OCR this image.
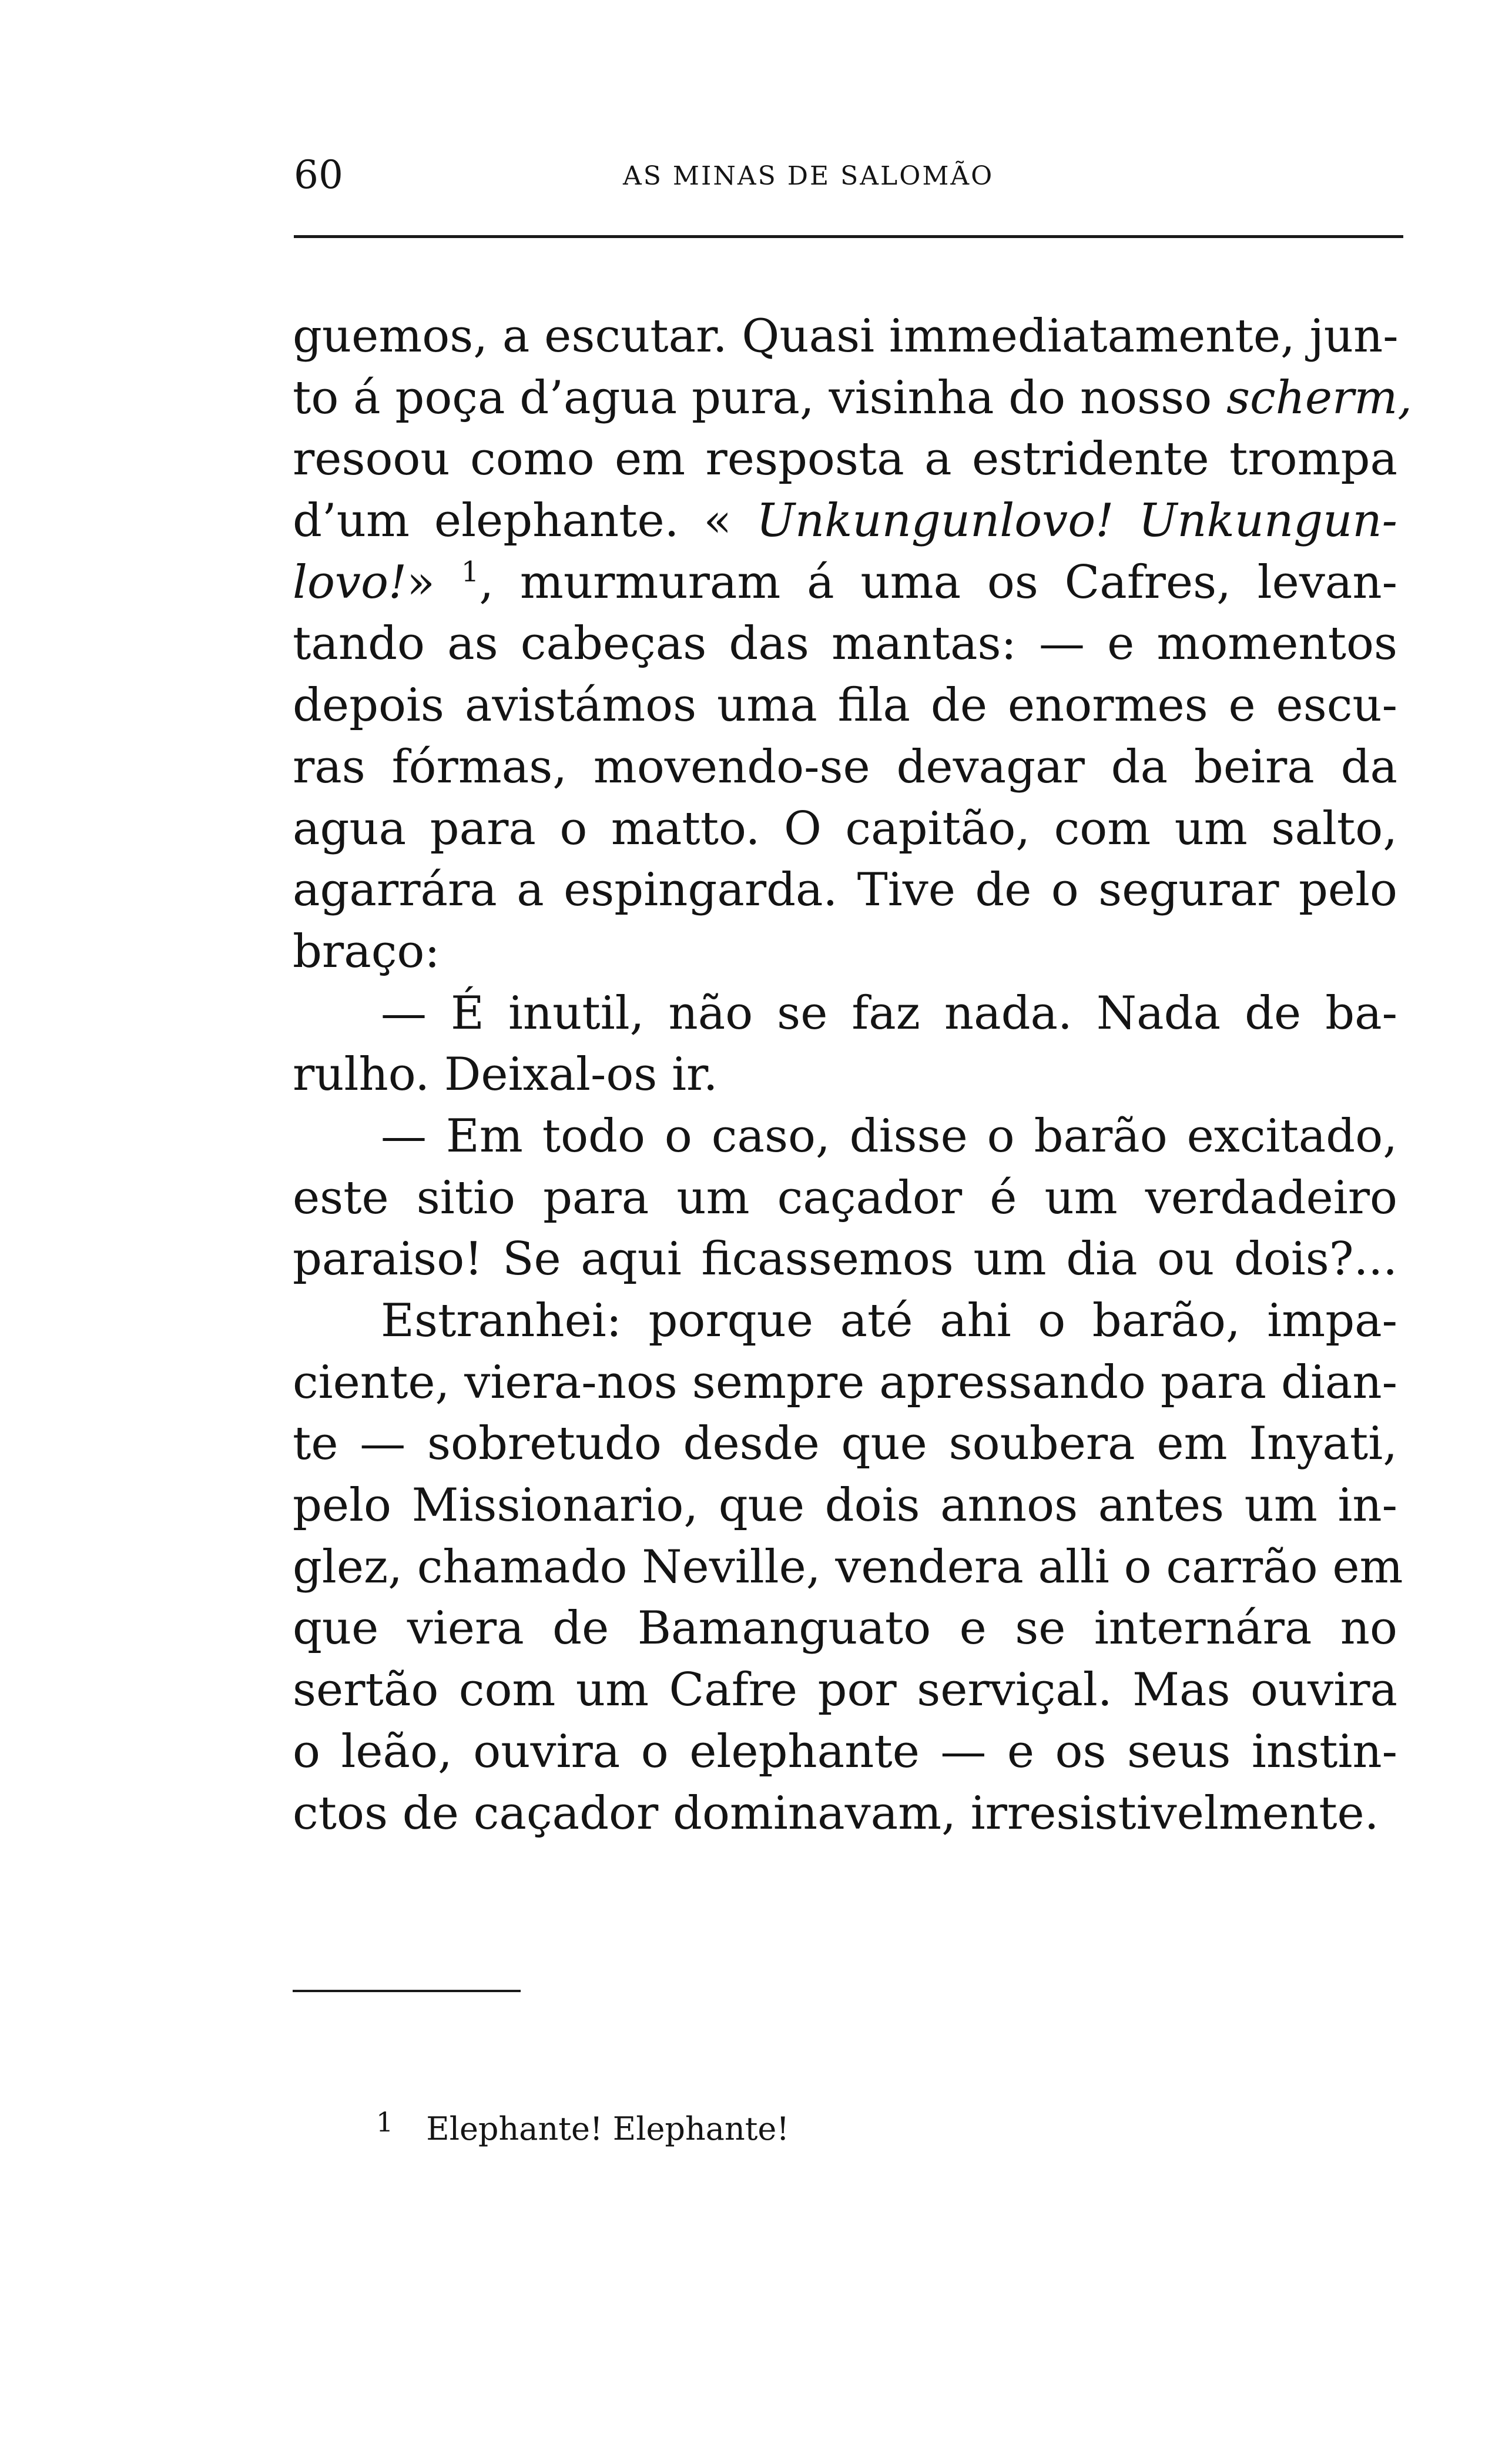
60	AS MINAS DE SALOMÃO
guemos, a escutar. Quasi immediatamente, jun-
to á poça d’agua pura, visinha do nosso scherm,
resoou como em resposta a estridente trompa
d’um elephante. « Unkungunlovo! Unkungun-
lovo!» $^1$, murmuram á uma os Cafres, levan-
tando as cabeças das mantas: — e momentos
depois avistámos uma fila de enormes e escu-
ras fórmas, movendo-se devagar da beira da
agua para o matto. O capitão, com um salto,
agarrára a espingarda. Tive de o segurar pelo
braço:
— É inutil, não se faz nada. Nada de ba-
rulho. Deixal-os ir.
— Em todo o caso, disse o barão excitado,
este sitio para um caçador é um verdadeiro
paraiso! Se aqui ficassemos um dia ou dois?...
Estranhei: porque até ahi o barão, impa-
ciente, viera-nos sempre apressando para dian-
te — sobretudo desde que soubera em Inyati,
pelo Missionario, que dois annos antes um in-
glez, chamado Neville, vendera alli o carrão em
que viera de Bamanguato e se internára no
sertão com um Cafre por serviçal. Mas ouvira
o leão, ouvira o elephante — e os seus instin-
ctos de caçador dominavam, irresistivelmente.
1 Elephante! Elephante!
